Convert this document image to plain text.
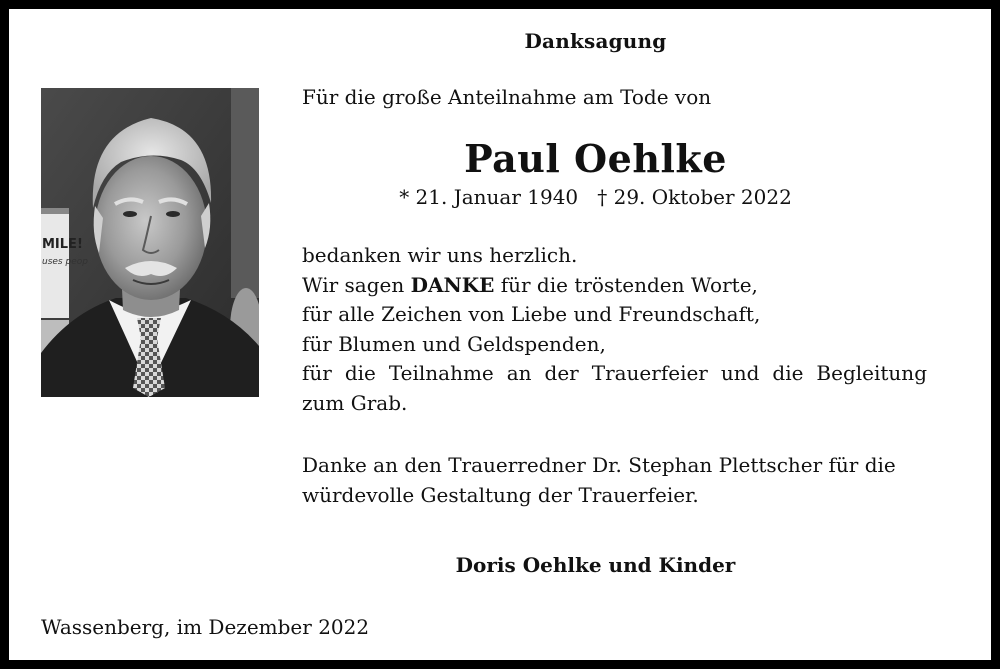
Danksagung
MILE!
uses peop
Für die große Anteilnahme am Tode von
Paul Oehlke
* 21. Januar 1940 † 29. Oktober 2022
bedanken wir uns herzlich.
Wir sagen DANKE für die tröstenden Worte,
für alle Zeichen von Liebe und Freundschaft,
für Blumen und Geldspenden,
für die Teilnahme an der Trauerfeier und die Begleitung
zum Grab.
Danke an den Trauerredner Dr. Stephan Plettscher für die
würdevolle Gestaltung der Trauerfeier.
Doris Oehlke und Kinder
Wassenberg, im Dezember 2022
